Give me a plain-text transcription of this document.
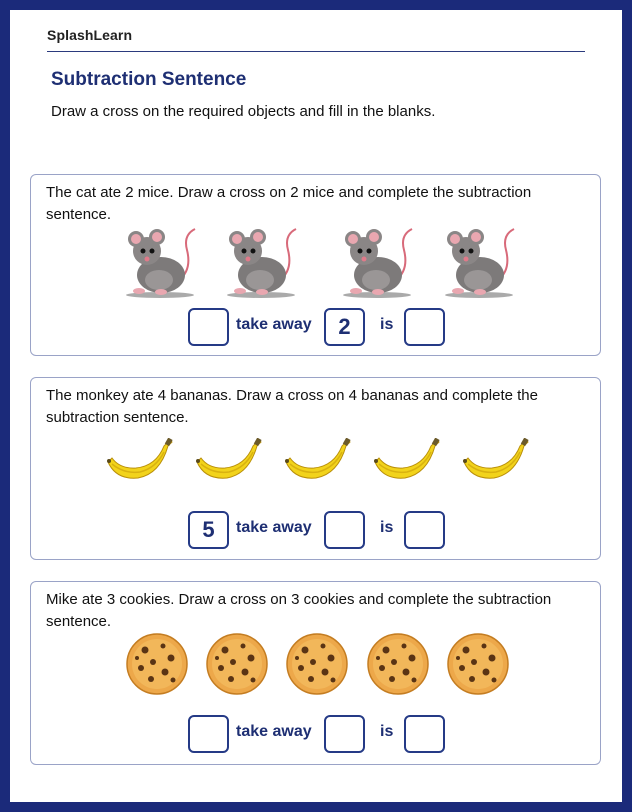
SplashLearn
Subtraction Sentence
Draw a cross on the required objects and fill in the blanks.
The cat ate 2 mice. Draw a cross on 2 mice and complete the subtraction sentence.
take away	2	is
The monkey ate 4 bananas. Draw a cross on 4 bananas and complete the subtraction sentence.
5	take away	is
Mike ate 3 cookies. Draw a cross on 3 cookies and complete the subtraction sentence.
take away	is
